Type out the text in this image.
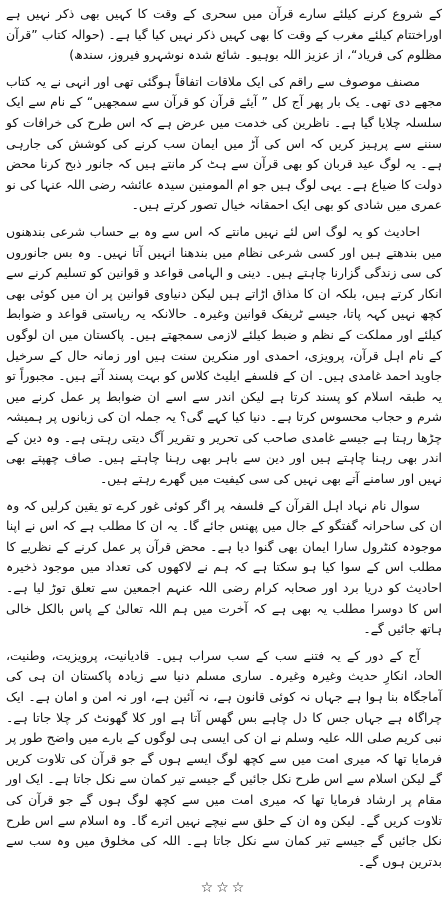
کے شروع کرنے کیلئے سارے قرآن میں سحری کے وقت کا کہیں بھی ذکر نہیں ہے اوراختتام کیلئے مغرب کے وقت کا بھی کہیں ذکر نہیں کیا گیا ہے۔ (حوالہ کتاب ”قرآن مظلوم کی فریاد“، از عزیز اللہ بوہیو۔ شائع شدہ نوشہرو فیروز، سندھ)

مصنف موصوف سے راقم کی ایک ملاقات اتفاقاً ہوگئی تھی اور انہی نے یہ کتاب مجھے دی تھی۔ یک بار پھر آج کل ” آیئے قرآن کو قرآن سے سمجھیں“ کے نام سے ایک سلسلہ چلایا گیا ہے۔ ناظرین کی خدمت میں عرض ہے کہ اس طرح کی خرافات کو سننے سے پرہیز کریں کہ اس کی آڑ میں ایمان سب کرنے کی کوشش کی جارہی ہے۔ یہ لوگ عید قربان کو بھی قرآن سے ہٹ کر مانتے ہیں کہ جانور ذبح کرنا محض دولت کا ضیاع ہے۔ یہی لوگ ہیں جو ام المومنین سیدہ عائشہ رضی اللہ عنہا کی نو عمری میں شادی کو بھی ایک احمقانہ خیال تصور کرتے ہیں۔

احادیث کو یہ لوگ اس لئے نہیں مانتے کہ اس سے وہ بے حساب شرعی بندھنوں میں بندھتے ہیں اور کسی شرعی نظام میں بندھنا انہیں آتا نہیں۔ وہ بس جانوروں کی سی زندگی گزارنا چاہتے ہیں۔ دینی و الہامی قواعد و قوانین کو تسلیم کرنے سے انکار کرتے ہیں، بلکہ ان کا مذاق اڑاتے ہیں لیکن دنیاوی قوانین پر ان میں کوئی بھی کچھ نہیں کہہ پاتا، جیسے ٹریفک قوانین وغیرہ۔ حالانکہ یہ ریاستی قواعد و ضوابط کیلئے اور مملکت کے نظم و ضبط کیلئے لازمی سمجھتے ہیں۔ پاکستان میں ان لوگوں کے نام اہل قرآن، پرویزی، احمدی اور منکرین سنت ہیں اور زمانہ حال کے سرخیل جاوید احمد غامدی ہیں۔ ان کے فلسفے ایلیٹ کلاس کو بہت پسند آتے ہیں۔ مجبوراً تو یہ طبقہ اسلام کو پسند کرتا ہے لیکن اندر سے اسے ان ضوابط پر عمل کرنے میں شرم و حجاب محسوس کرتا ہے۔ دنیا کیا کہے گی؟ یہ جملہ ان کی زبانوں پر ہمیشہ چڑھا رہتا ہے جیسے غامدی صاحب کی تحریر و تقریر آگ دیتی رہتی ہے۔ وہ دین کے اندر بھی رہنا چاہتے ہیں اور دین سے باہر بھی رہنا چاہتے ہیں۔ صاف چھپتے بھی نہیں اور سامنے آتے بھی نہیں کی سی کیفیت میں گھرے رہتے ہیں۔

سوال نام نہاد اہل القرآن کے فلسفہ پر اگر کوئی غور کرے تو یقین کرلیں کہ وہ ان کی ساحرانہ گفتگو کے جال میں پھنس جائے گا۔ یہ ان کا مطلب ہے کہ اس نے اپنا موجودہ کنٹرول سارا ایمان بھی گنوا دیا ہے۔ محض قرآن پر عمل کرنے کے نظریے کا مطلب اس کے سوا کیا ہو سکتا ہے کہ ہم نے لاکھوں کی تعداد میں موجود ذخیرہ احادیث کو دریا برد اور صحابہ کرام رضی اللہ عنہم اجمعین سے تعلق توڑ لیا ہے۔ اس کا دوسرا مطلب یہ بھی ہے کہ آخرت میں ہم اللہ تعالیٰ کے پاس بالکل خالی ہاتھ جائیں گے۔

آج کے دور کے یہ فتنے سب کے سب سراب ہیں۔ قادیانیت، پرویزیت، وطنیت، الحاد، انکارِ حدیث وغیرہ وغیرہ۔ ساری مسلم دنیا سے زیادہ پاکستان ان ہی کی آماجگاہ بنا ہوا ہے جہاں نہ کوئی قانون ہے، نہ آئین ہے، اور نہ امن و امان ہے۔ ایک چراگاہ ہے جہاں جس کا دل چاہے بس گھس آتا ہے اور کلا گھونٹ کر چلا جاتا ہے۔ نبی کریم صلی اللہ علیہ وسلم نے ان کی ایسی ہی لوگوں کے بارے میں واضح طور پر فرمایا تھا کہ میری امت میں سے کچھ لوگ ایسے ہوں گے جو قرآن کی تلاوت کریں گے لیکن اسلام سے اس طرح نکل جائیں گے جیسے تیر کمان سے نکل جاتا ہے۔ ایک اور مقام پر ارشاد فرمایا تھا کہ میری امت میں سے کچھ لوگ ہوں گے جو قرآن کی تلاوت کریں گے۔ لیکن وہ ان کے حلق سے نیچے نہیں اترے گا۔ وہ اسلام سے اس طرح نکل جائیں گے جیسے تیر کمان سے نکل جاتا ہے۔ اللہ کی مخلوق میں وہ سب سے بدترین ہوں گے۔

☆☆☆
